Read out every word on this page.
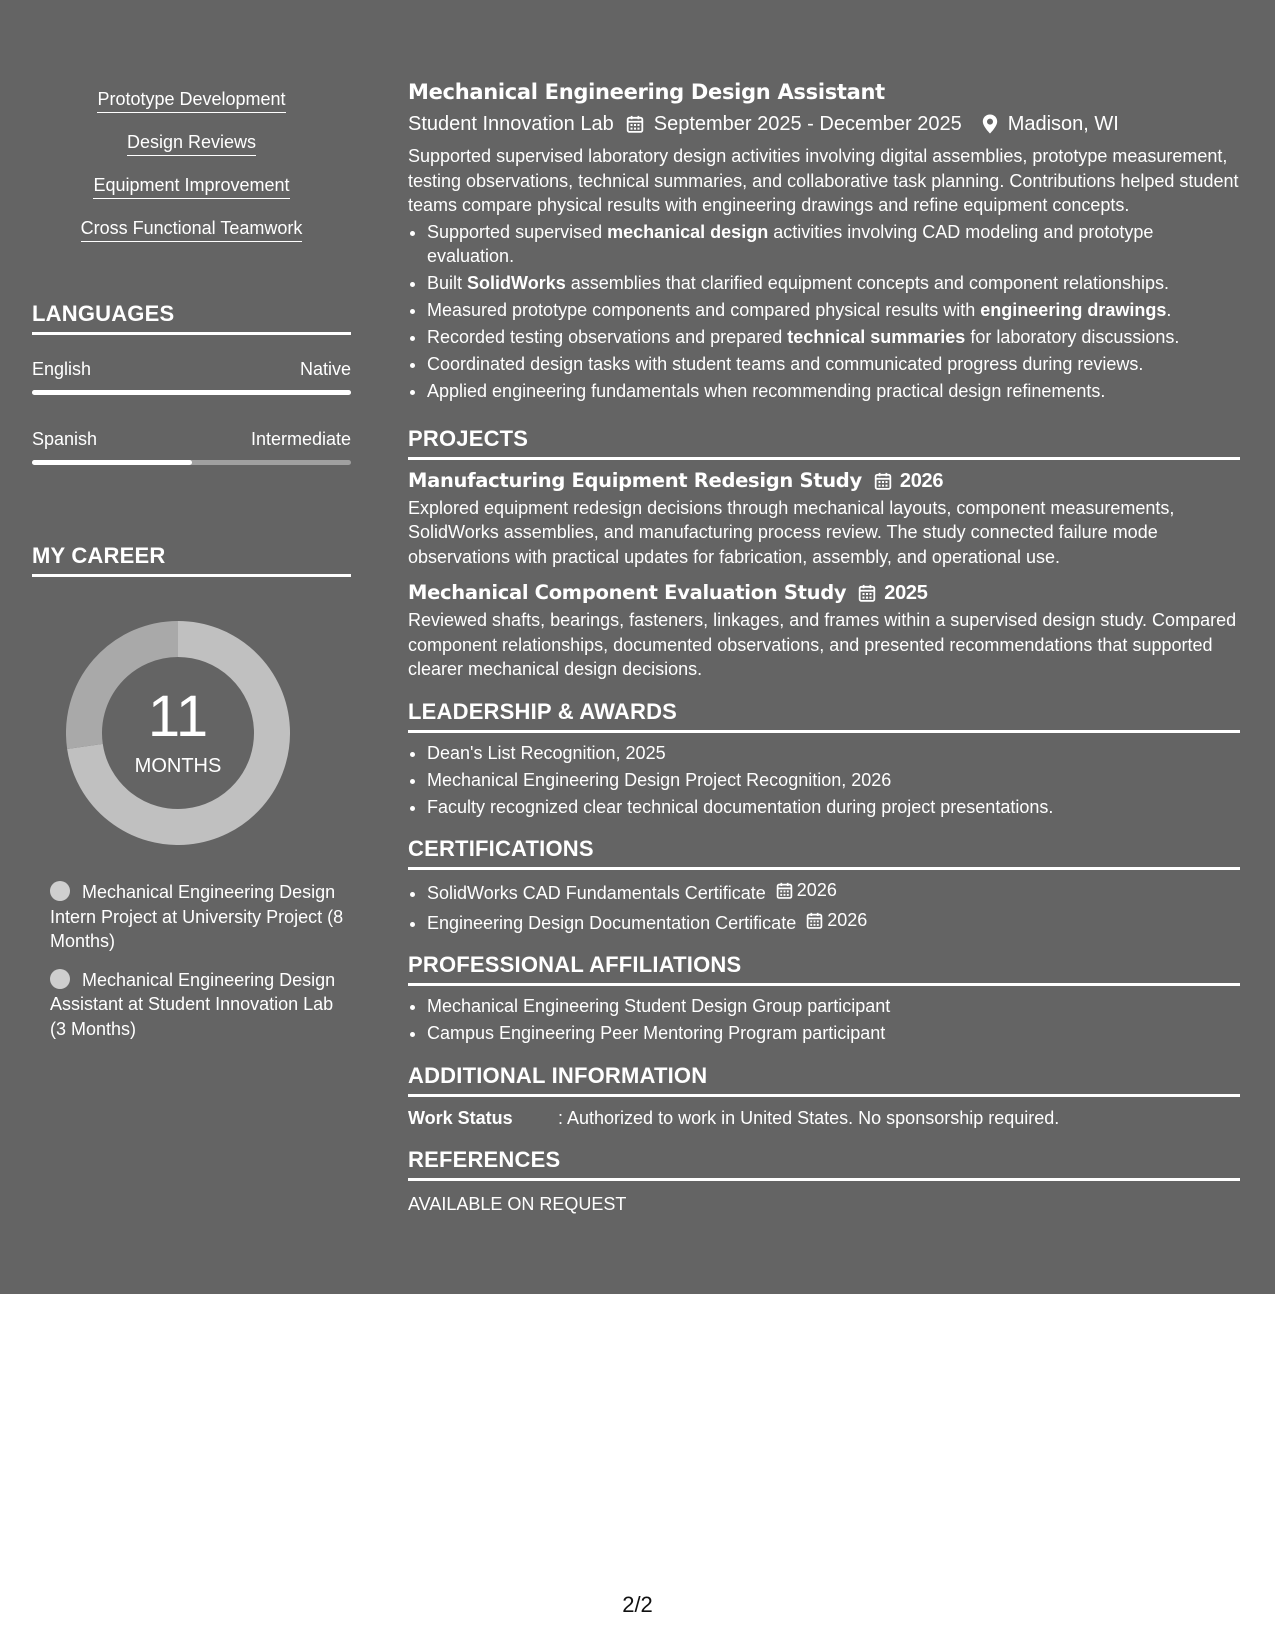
Prototype Development
Design Reviews
Equipment Improvement
Cross Functional Teamwork
LANGUAGES
English	Native
Spanish	Intermediate
MY CAREER
11
MONTHS
Mechanical Engineering Design Intern Project at University Project (8 Months)
Mechanical Engineering Design Assistant at Student Innovation Lab (3 Months)
Mechanical Engineering Design Assistant
Student Innovation Lab September 2025 - December 2025 Madison, WI
Supported supervised laboratory design activities involving digital assemblies, prototype measurement, testing observations, technical summaries, and collaborative task planning. Contributions helped student teams compare physical results with engineering drawings and refine equipment concepts.
• Supported supervised mechanical design activities involving CAD modeling and prototype evaluation.
• Built SolidWorks assemblies that clarified equipment concepts and component relationships.
• Measured prototype components and compared physical results with engineering drawings.
• Recorded testing observations and prepared technical summaries for laboratory discussions.
• Coordinated design tasks with student teams and communicated progress during reviews.
• Applied engineering fundamentals when recommending practical design refinements.
PROJECTS
Manufacturing Equipment Redesign Study 2026
Explored equipment redesign decisions through mechanical layouts, component measurements, SolidWorks assemblies, and manufacturing process review. The study connected failure mode observations with practical updates for fabrication, assembly, and operational use.
Mechanical Component Evaluation Study 2025
Reviewed shafts, bearings, fasteners, linkages, and frames within a supervised design study. Compared component relationships, documented observations, and presented recommendations that supported clearer mechanical design decisions.
LEADERSHIP & AWARDS
• Dean's List Recognition, 2025
• Mechanical Engineering Design Project Recognition, 2026
• Faculty recognized clear technical documentation during project presentations.
CERTIFICATIONS
• SolidWorks CAD Fundamentals Certificate 2026
• Engineering Design Documentation Certificate 2026
PROFESSIONAL AFFILIATIONS
• Mechanical Engineering Student Design Group participant
• Campus Engineering Peer Mentoring Program participant
ADDITIONAL INFORMATION
Work Status	: Authorized to work in United States. No sponsorship required.
REFERENCES
AVAILABLE ON REQUEST
2/2
